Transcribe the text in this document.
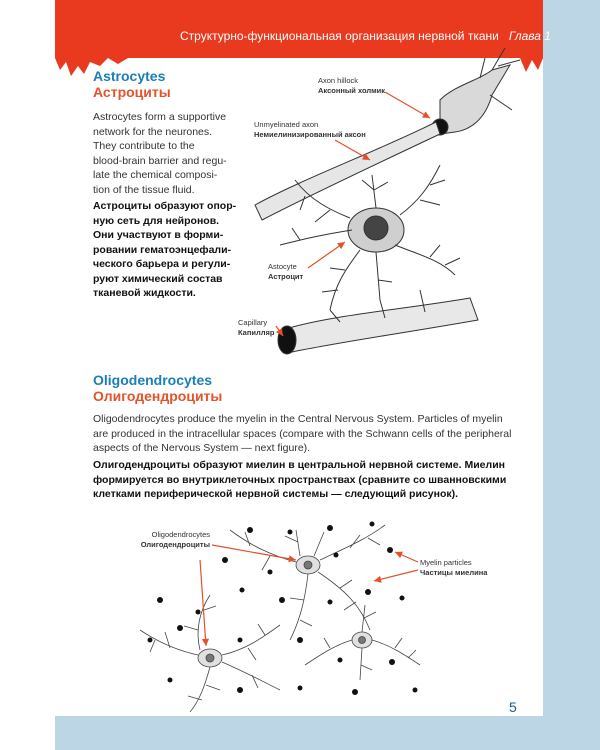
Структурно-функциональная организация нервной ткани Глава 1
Astrocytes
Астроциты
Astrocytes form a supportive
network for the neurones.
They contribute to the
blood-brain barrier and regu-
late the chemical composi-
tion of the tissue fluid.
Астроциты образуют опор-
ную сеть для нейронов.
Они участвуют в форми-
ровании гематоэнцефали-
ческого барьера и регули-
руют химический состав
тканевой жидкости.
Axon hillock
Аксонный холмик
Unmyelinated axon
Немиелинизированный аксон
Astocyte
Астроцит
Capillary
Капилляр
Oligodendrocytes
Олигодендроциты
Oligodendrocytes produce the myelin in the Central Nervous System. Particles of myelin
are produced in the intracellular spaces (compare with the Schwann cells of the peripheral
aspects of the Nervous System — next figure).
Олигодендроциты образуют миелин в центральной нервной системе. Миелин
формируется во внутриклеточных пространствах (сравните со шванновскими
клетками периферической нервной системы — следующий рисунок).
Oligodendrocytes
Олигодендроциты
Myelin particles
Частицы миелина
5
